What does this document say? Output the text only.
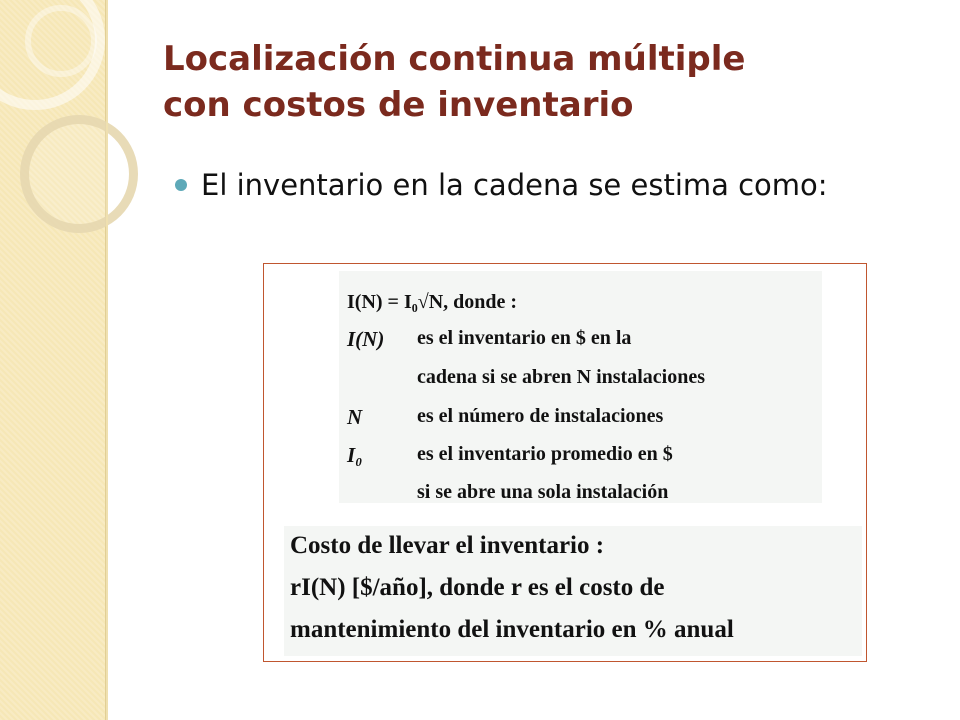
Localización continua múltiple
con costos de inventario
El inventario en la cadena se estima como:
I(N) = I₀√N, donde :
I(N) es el inventario en $ en la
cadena si se abren N instalaciones
N	es el número de instalaciones
I₀	es el inventario promedio en $
si se abre una sola instalación
Costo de llevar el inventario :
rI(N) [$/año], donde r es el costo de
mantenimiento del inventario en % anual
